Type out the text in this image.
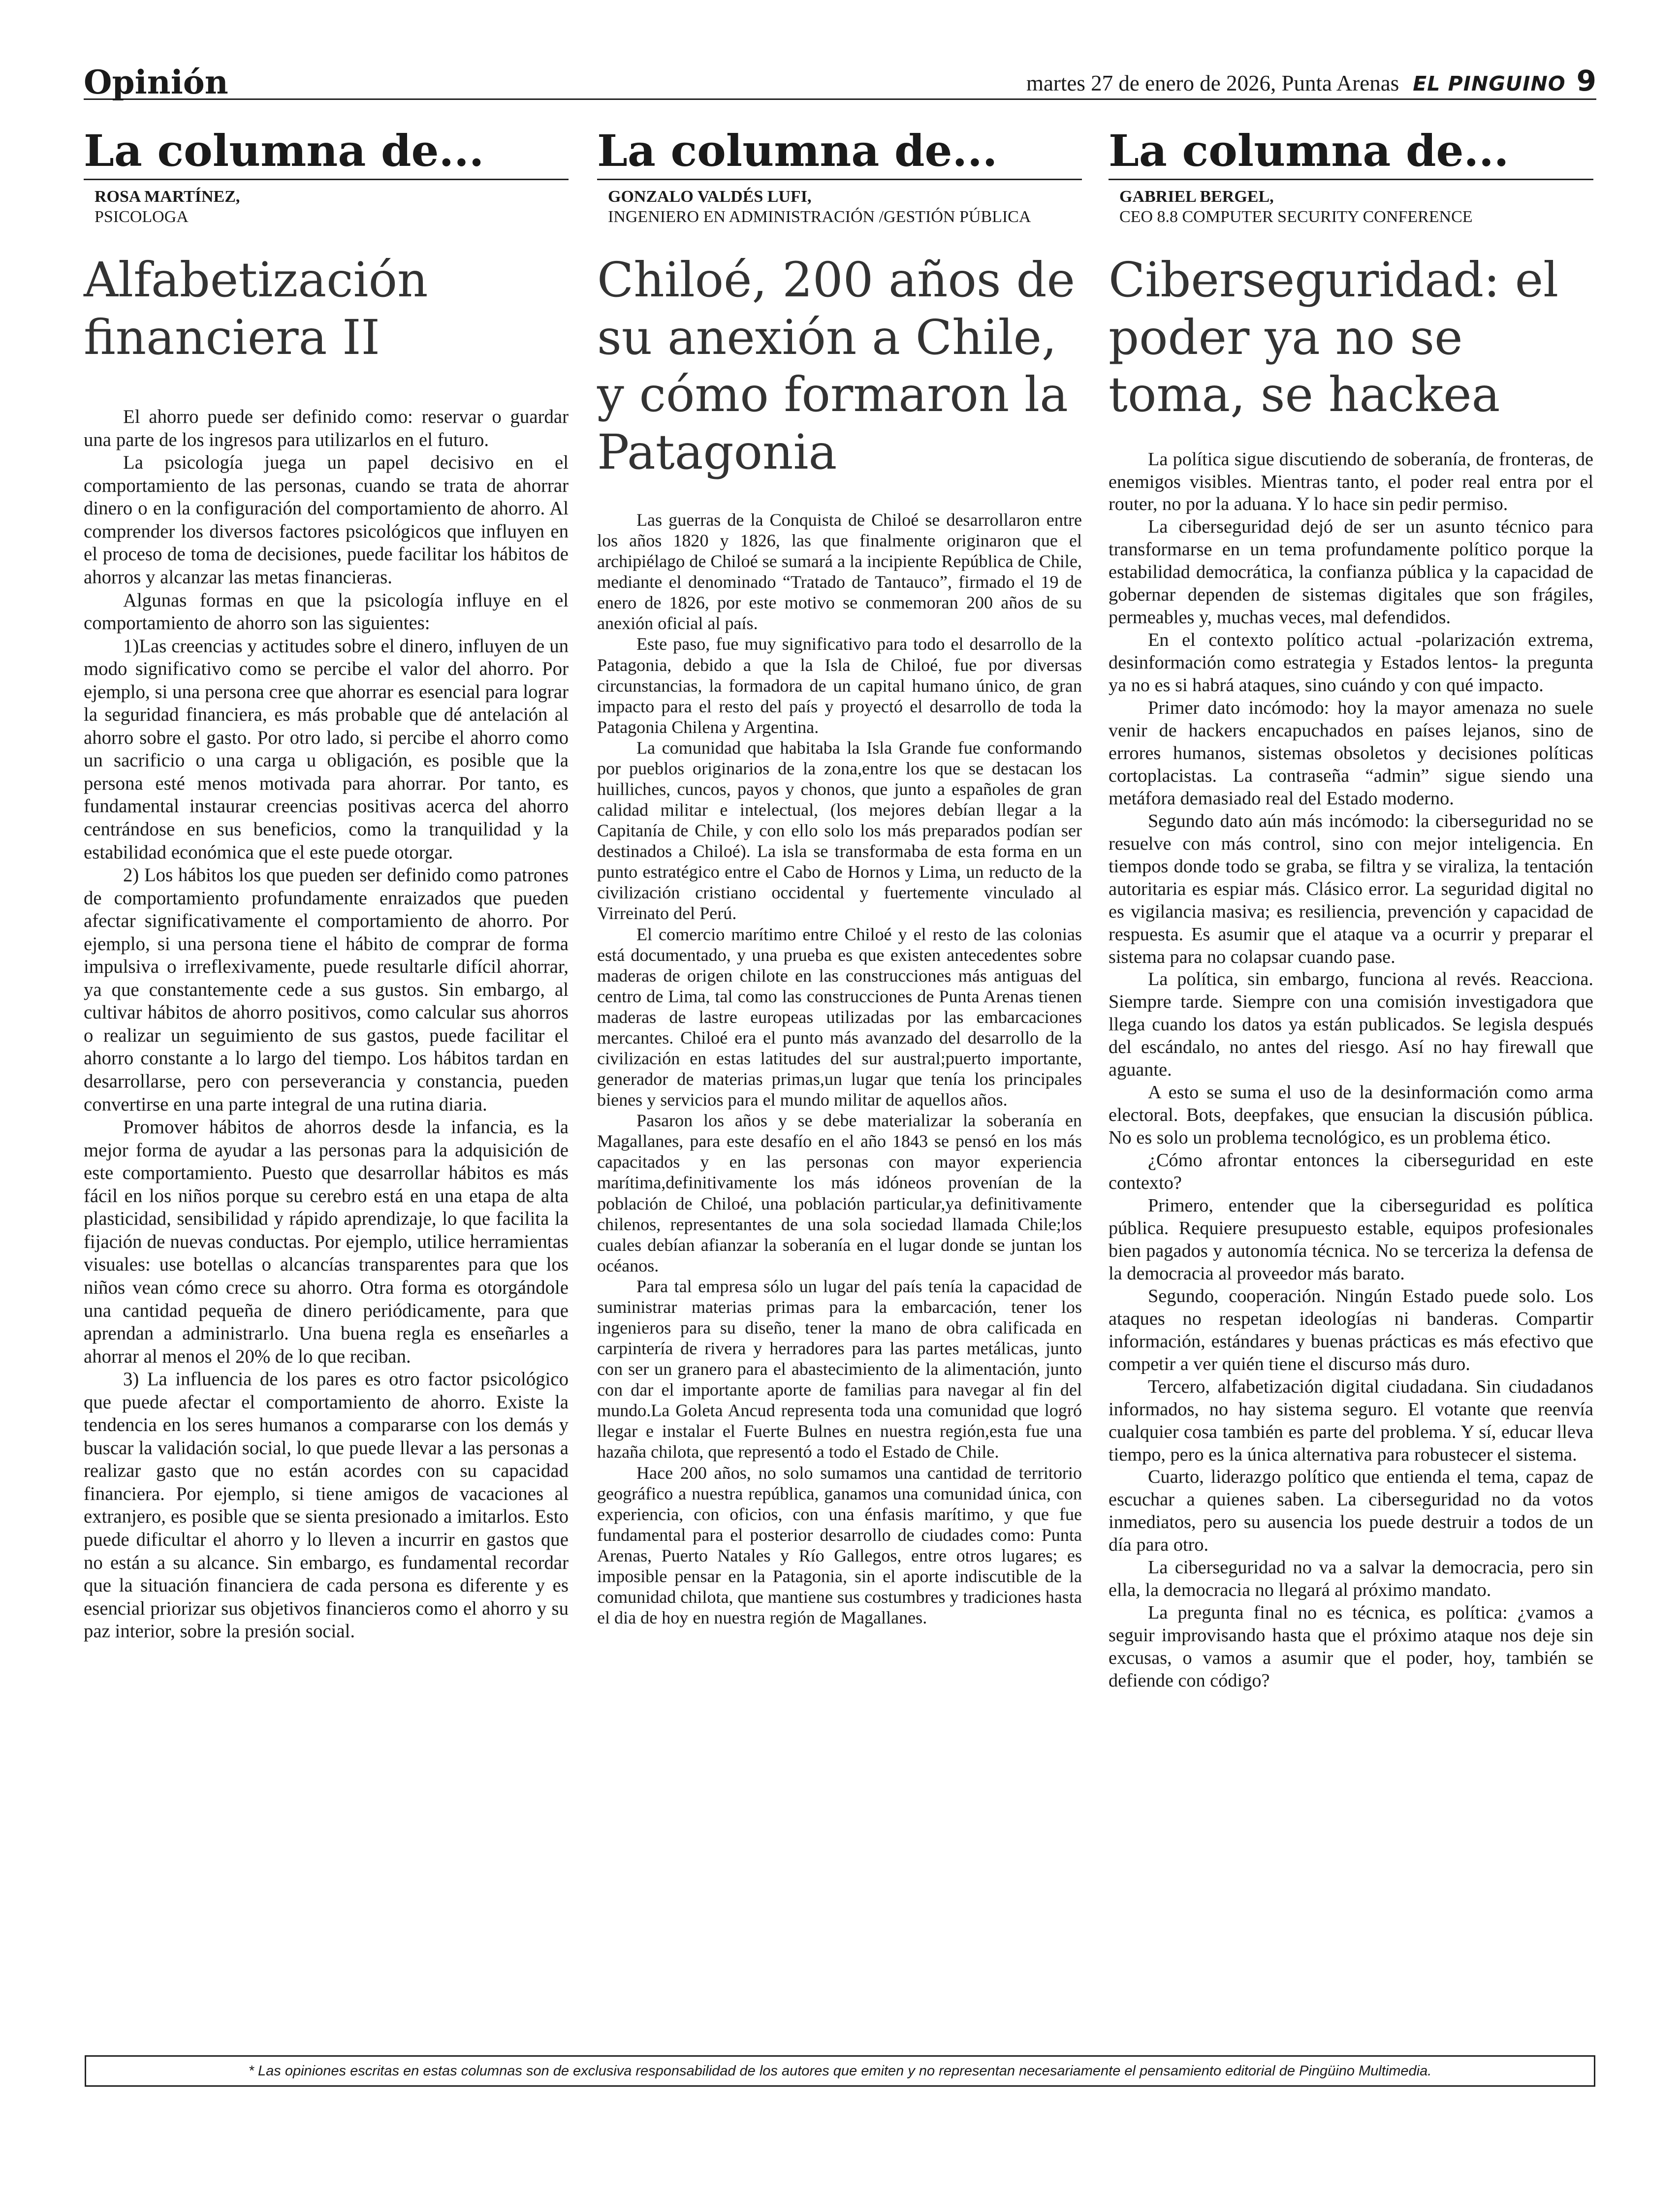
Opinión	martes 27 de enero de 2026, Punta Arenas EL PINGUINO 9
La columna de...
ROSA MARTÍNEZ,
PSICOLOGA
Alfabetización financiera II

El ahorro puede ser definido como: reservar o guardar una parte de los ingresos para utilizarlos en el futuro.

La psicología juega un papel decisivo en el comportamiento de las personas, cuando se trata de ahorrar dinero o en la configuración del comportamiento de ahorro. Al comprender los diversos factores psicológicos que influyen en el proceso de toma de decisiones, puede facilitar los hábitos de ahorros y alcanzar las metas financieras.

Algunas formas en que la psicología influye en el comportamiento de ahorro son las siguientes:

1)Las creencias y actitudes sobre el dinero, influyen de un modo significativo como se percibe el valor del ahorro. Por ejemplo, si una persona cree que ahorrar es esencial para lograr la seguridad financiera, es más probable que dé antelación al ahorro sobre el gasto. Por otro lado, si percibe el ahorro como un sacrificio o una carga u obligación, es posible que la persona esté menos motivada para ahorrar. Por tanto, es fundamental instaurar creencias positivas acerca del ahorro centrándose en sus beneficios, como la tranquilidad y la estabilidad económica que el este puede otorgar.

2) Los hábitos los que pueden ser definido como patrones de comportamiento profundamente enraizados que pueden afectar significativamente el comportamiento de ahorro. Por ejemplo, si una persona tiene el hábito de comprar de forma impulsiva o irreflexivamente, puede resultarle difícil ahorrar, ya que constantemente cede a sus gustos. Sin embargo, al cultivar hábitos de ahorro positivos, como calcular sus ahorros o realizar un seguimiento de sus gastos, puede facilitar el ahorro constante a lo largo del tiempo. Los hábitos tardan en desarrollarse, pero con perseverancia y constancia, pueden convertirse en una parte integral de una rutina diaria.

Promover hábitos de ahorros desde la infancia, es la mejor forma de ayudar a las personas para la adquisición de este comportamiento. Puesto que desarrollar hábitos es más fácil en los niños porque su cerebro está en una etapa de alta plasticidad, sensibilidad y rápido aprendizaje, lo que facilita la fijación de nuevas conductas. Por ejemplo, utilice herramientas visuales: use botellas o alcancías transparentes para que los niños vean cómo crece su ahorro. Otra forma es otorgándole una cantidad pequeña de dinero periódicamente, para que aprendan a administrarlo. Una buena regla es enseñarles a ahorrar al menos el 20% de lo que reciban.

3) La influencia de los pares es otro factor psicológico que puede afectar el comportamiento de ahorro. Existe la tendencia en los seres humanos a compararse con los demás y buscar la validación social, lo que puede llevar a las personas a realizar gasto que no están acordes con su capacidad financiera. Por ejemplo, si tiene amigos de vacaciones al extranjero, es posible que se sienta presionado a imitarlos. Esto puede dificultar el ahorro y lo lleven a incurrir en gastos que no están a su alcance. Sin embargo, es fundamental recordar que la situación financiera de cada persona es diferente y es esencial priorizar sus objetivos financieros como el ahorro y su paz interior, sobre la presión social.

La columna de...
GONZALO VALDÉS LUFI,
INGENIERO EN ADMINISTRACIÓN /GESTIÓN PÚBLICA
Chiloé, 200 años de su anexión a Chile, y cómo formaron la Patagonia

Las guerras de la Conquista de Chiloé se desarrollaron entre los años 1820 y 1826, las que finalmente originaron que el archipiélago de Chiloé se sumará a la incipiente República de Chile, mediante el denominado “Tratado de Tantauco”, firmado el 19 de enero de 1826, por este motivo se conmemoran 200 años de su anexión oficial al país.

Este paso, fue muy significativo para todo el desarrollo de la Patagonia, debido a que la Isla de Chiloé, fue por diversas circunstancias, la formadora de un capital humano único, de gran impacto para el resto del país y proyectó el desarrollo de toda la Patagonia Chilena y Argentina.

La comunidad que habitaba la Isla Grande fue conformando por pueblos originarios de la zona,entre los que se destacan los huilliches, cuncos, payos y chonos, que junto a españoles de gran calidad militar e intelectual, (los mejores debían llegar a la Capitanía de Chile, y con ello solo los más preparados podían ser destinados a Chiloé). La isla se transformaba de esta forma en un punto estratégico entre el Cabo de Hornos y Lima, un reducto de la civilización cristiano occidental y fuertemente vinculado al Virreinato del Perú.

El comercio marítimo entre Chiloé y el resto de las colonias está documentado, y una prueba es que existen antecedentes sobre maderas de origen chilote en las construcciones más antiguas del centro de Lima, tal como las construcciones de Punta Arenas tienen maderas de lastre europeas utilizadas por las embarcaciones mercantes. Chiloé era el punto más avanzado del desarrollo de la civilización en estas latitudes del sur austral;puerto importante, generador de materias primas,un lugar que tenía los principales bienes y servicios para el mundo militar de aquellos años.

Pasaron los años y se debe materializar la soberanía en Magallanes, para este desafío en el año 1843 se pensó en los más capacitados y en las personas con mayor experiencia marítima,definitivamente los más idóneos provenían de la población de Chiloé, una población particular,ya definitivamente chilenos, representantes de una sola sociedad llamada Chile;los cuales debían afianzar la soberanía en el lugar donde se juntan los océanos.

Para tal empresa sólo un lugar del país tenía la capacidad de suministrar materias primas para la embarcación, tener los ingenieros para su diseño, tener la mano de obra calificada en carpintería de rivera y herradores para las partes metálicas, junto con ser un granero para el abastecimiento de la alimentación, junto con dar el importante aporte de familias para navegar al fin del mundo.La Goleta Ancud representa toda una comunidad que logró llegar e instalar el Fuerte Bulnes en nuestra región,esta fue una hazaña chilota, que representó a todo el Estado de Chile.

Hace 200 años, no solo sumamos una cantidad de territorio geográfico a nuestra república, ganamos una comunidad única, con experiencia, con oficios, con una énfasis marítimo, y que fue fundamental para el posterior desarrollo de ciudades como: Punta Arenas, Puerto Natales y Río Gallegos, entre otros lugares; es imposible pensar en la Patagonia, sin el aporte indiscutible de la comunidad chilota, que mantiene sus costumbres y tradiciones hasta el dia de hoy en nuestra región de Magallanes.

La columna de...
GABRIEL BERGEL,
CEO 8.8 COMPUTER SECURITY CONFERENCE
Ciberseguridad: el poder ya no se toma, se hackea

La política sigue discutiendo de soberanía, de fronteras, de enemigos visibles. Mientras tanto, el poder real entra por el router, no por la aduana. Y lo hace sin pedir permiso.

La ciberseguridad dejó de ser un asunto técnico para transformarse en un tema profundamente político porque la estabilidad democrática, la confianza pública y la capacidad de gobernar dependen de sistemas digitales que son frágiles, permeables y, muchas veces, mal defendidos.

En el contexto político actual -polarización extrema, desinformación como estrategia y Estados lentos- la pregunta ya no es si habrá ataques, sino cuándo y con qué impacto.

Primer dato incómodo: hoy la mayor amenaza no suele venir de hackers encapuchados en países lejanos, sino de errores humanos, sistemas obsoletos y decisiones políticas cortoplacistas. La contraseña “admin” sigue siendo una metáfora demasiado real del Estado moderno.

Segundo dato aún más incómodo: la ciberseguridad no se resuelve con más control, sino con mejor inteligencia. En tiempos donde todo se graba, se filtra y se viraliza, la tentación autoritaria es espiar más. Clásico error. La seguridad digital no es vigilancia masiva; es resiliencia, prevención y capacidad de respuesta. Es asumir que el ataque va a ocurrir y preparar el sistema para no colapsar cuando pase.

La política, sin embargo, funciona al revés. Reacciona. Siempre tarde. Siempre con una comisión investigadora que llega cuando los datos ya están publicados. Se legisla después del escándalo, no antes del riesgo. Así no hay firewall que aguante.

A esto se suma el uso de la desinformación como arma electoral. Bots, deepfakes, que ensucian la discusión pública. No es solo un problema tecnológico, es un problema ético.

¿Cómo afrontar entonces la ciberseguridad en este contexto?

Primero, entender que la ciberseguridad es política pública. Requiere presupuesto estable, equipos profesionales bien pagados y autonomía técnica. No se terceriza la defensa de la democracia al proveedor más barato.

Segundo, cooperación. Ningún Estado puede solo. Los ataques no respetan ideologías ni banderas. Compartir información, estándares y buenas prácticas es más efectivo que competir a ver quién tiene el discurso más duro.

Tercero, alfabetización digital ciudadana. Sin ciudadanos informados, no hay sistema seguro. El votante que reenvía cualquier cosa también es parte del problema. Y sí, educar lleva tiempo, pero es la única alternativa para robustecer el sistema.

Cuarto, liderazgo político que entienda el tema, capaz de escuchar a quienes saben. La ciberseguridad no da votos inmediatos, pero su ausencia los puede destruir a todos de un día para otro.

La ciberseguridad no va a salvar la democracia, pero sin ella, la democracia no llegará al próximo mandato.

La pregunta final no es técnica, es política: ¿vamos a seguir improvisando hasta que el próximo ataque nos deje sin excusas, o vamos a asumir que el poder, hoy, también se defiende con código?

* Las opiniones escritas en estas columnas son de exclusiva responsabilidad de los autores que emiten y no representan necesariamente el pensamiento editorial de Pingüino Multimedia.
